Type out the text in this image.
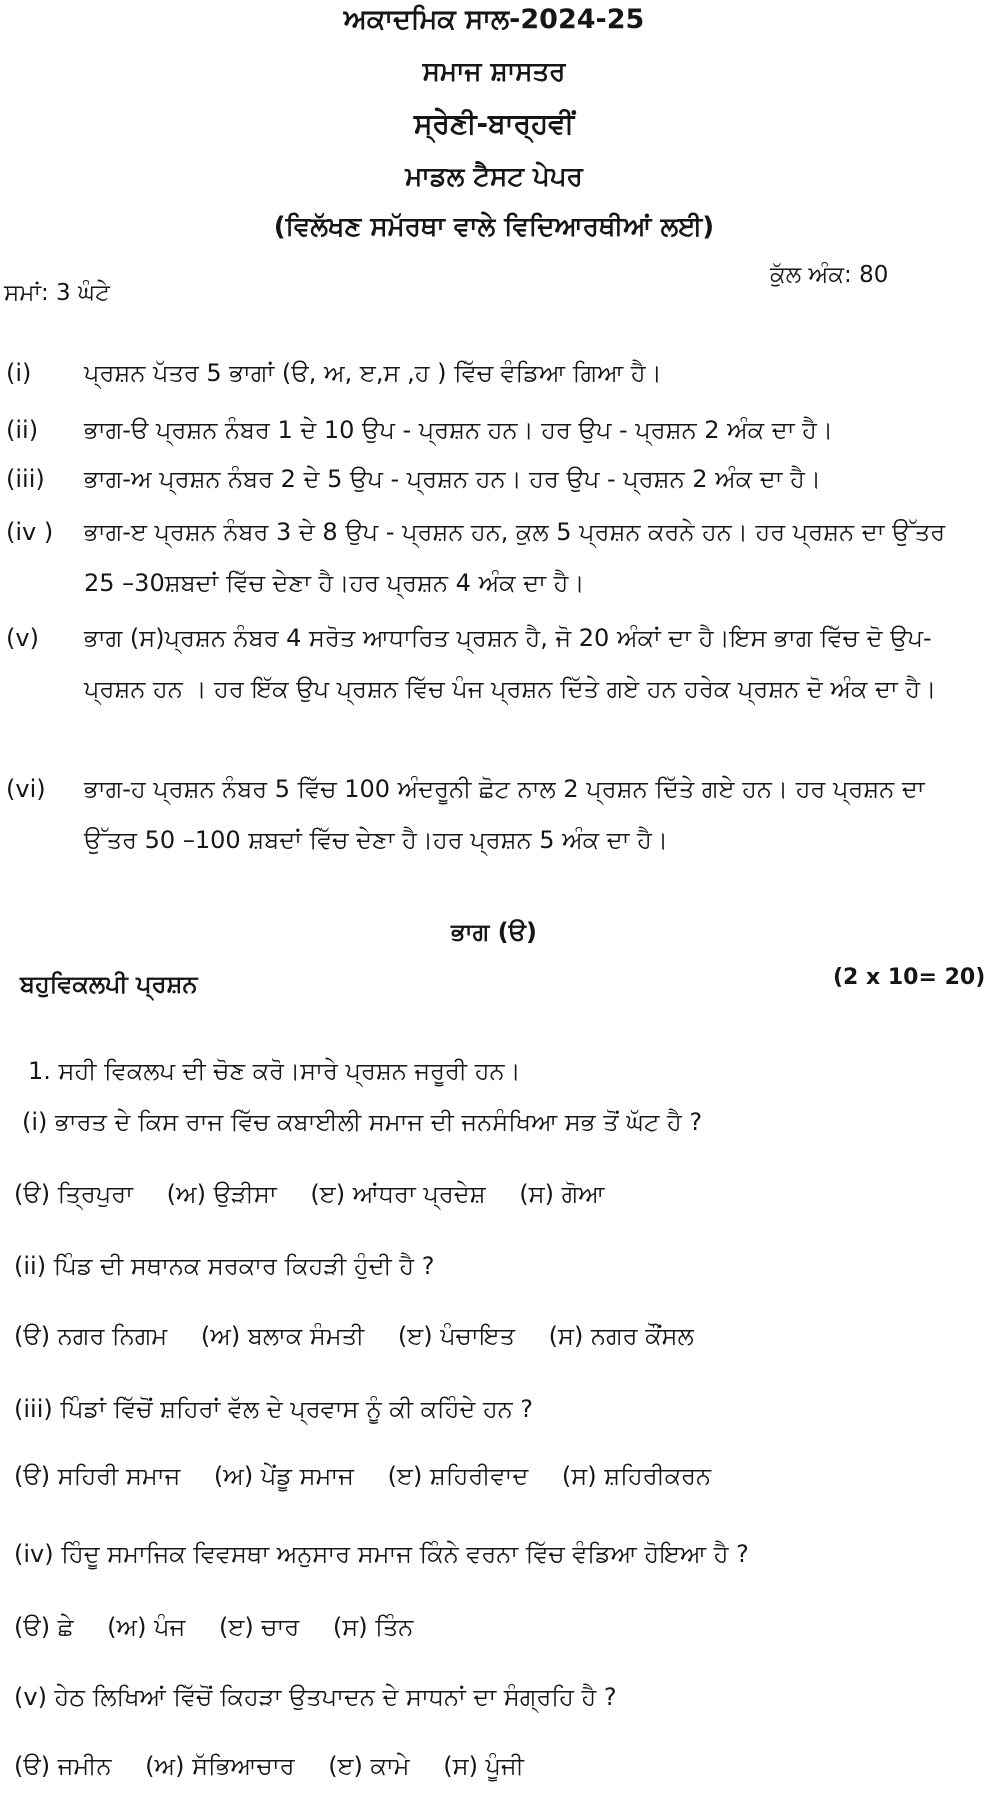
ਅਕਾਦਮਿਕ ਸਾਲ-2024-25
ਸਮਾਜ ਸ਼ਾਸਤਰ
ਸ੍ਰੇਣੀ-ਬਾਰ੍ਹਵੀਂ
ਮਾਡਲ ਟੈਸਟ ਪੇਪਰ
(ਵਿਲੱਖਣ ਸਮੱਰਥਾ ਵਾਲੇ ਵਿਦਿਆਰਥੀਆਂ ਲਈ)
ਸਮਾਂ: 3 ਘੰਟੇ
ਕੁੱਲ ਅੰਕ: 80
(i)	ਪ੍ਰਸ਼ਨ ਪੱਤਰ 5 ਭਾਗਾਂ (ੳ, ਅ, ੲ,ਸ ,ਹ ) ਵਿੱਚ ਵੰਡਿਆ ਗਿਆ ਹੈ।
(ii)	ਭਾਗ-ੳ ਪ੍ਰਸ਼ਨ ਨੰਬਰ 1 ਦੇ 10 ਉਪ - ਪ੍ਰਸ਼ਨ ਹਨ। ਹਰ ਉਪ - ਪ੍ਰਸ਼ਨ 2 ਅੰਕ ਦਾ ਹੈ।
(iii)	ਭਾਗ-ਅ ਪ੍ਰਸ਼ਨ ਨੰਬਰ 2 ਦੇ 5 ਉਪ - ਪ੍ਰਸ਼ਨ ਹਨ। ਹਰ ਉਪ - ਪ੍ਰਸ਼ਨ 2 ਅੰਕ ਦਾ ਹੈ।
(iv )	ਭਾਗ-ੲ ਪ੍ਰਸ਼ਨ ਨੰਬਰ 3 ਦੇ 8 ਉਪ - ਪ੍ਰਸ਼ਨ ਹਨ, ਕੁਲ 5 ਪ੍ਰਸ਼ਨ ਕਰਨੇ ਹਨ। ਹਰ ਪ੍ਰਸ਼ਨ ਦਾ ਉੱਤਰ 25 –30ਸ਼ਬਦਾਂ ਵਿੱਚ ਦੇਣਾ ਹੈ।ਹਰ ਪ੍ਰਸ਼ਨ 4 ਅੰਕ ਦਾ ਹੈ।
(v)	ਭਾਗ (ਸ)ਪ੍ਰਸ਼ਨ ਨੰਬਰ 4 ਸਰੋਤ ਆਧਾਰਿਤ ਪ੍ਰਸ਼ਨ ਹੈ, ਜੋ 20 ਅੰਕਾਂ ਦਾ ਹੈ।ਇਸ ਭਾਗ ਵਿੱਚ ਦੋ ਉਪ- ਪ੍ਰਸ਼ਨ ਹਨ । ਹਰ ਇੱਕ ਉਪ ਪ੍ਰਸ਼ਨ ਵਿੱਚ ਪੰਜ ਪ੍ਰਸ਼ਨ ਦਿੱਤੇ ਗਏ ਹਨ ਹਰੇਕ ਪ੍ਰਸ਼ਨ ਦੋ ਅੰਕ ਦਾ ਹੈ।
(vi)	ਭਾਗ-ਹ ਪ੍ਰਸ਼ਨ ਨੰਬਰ 5 ਵਿੱਚ 100 ਅੰਦਰੂਨੀ ਛੋਟ ਨਾਲ 2 ਪ੍ਰਸ਼ਨ ਦਿੱਤੇ ਗਏ ਹਨ। ਹਰ ਪ੍ਰਸ਼ਨ ਦਾ ਉੱਤਰ 50 –100 ਸ਼ਬਦਾਂ ਵਿੱਚ ਦੇਣਾ ਹੈ।ਹਰ ਪ੍ਰਸ਼ਨ 5 ਅੰਕ ਦਾ ਹੈ।
ਭਾਗ (ੳ)
ਬਹੁਵਿਕਲਪੀ ਪ੍ਰਸ਼ਨ	(2 x 10= 20)
1. ਸਹੀ ਵਿਕਲਪ ਦੀ ਚੋਣ ਕਰੋ।ਸਾਰੇ ਪ੍ਰਸ਼ਨ ਜਰੂਰੀ ਹਨ।
(i) ਭਾਰਤ ਦੇ ਕਿਸ ਰਾਜ ਵਿੱਚ ਕਬਾਈਲੀ ਸਮਾਜ ਦੀ ਜਨਸੰਖਿਆ ਸਭ ਤੋਂ ਘੱਟ ਹੈ ?
(ੳ) ਤ੍ਰਿਪੁਰਾ (ਅ) ਉੜੀਸਾ (ੲ) ਆਂਧਰਾ ਪ੍ਰਦੇਸ਼ (ਸ) ਗੋਆ
(ii) ਪਿੰਡ ਦੀ ਸਥਾਨਕ ਸਰਕਾਰ ਕਿਹੜੀ ਹੁੰਦੀ ਹੈ ?
(ੳ) ਨਗਰ ਨਿਗਮ (ਅ) ਬਲਾਕ ਸੰਮਤੀ (ੲ) ਪੰਚਾਇਤ (ਸ) ਨਗਰ ਕੌਂਸਲ
(iii) ਪਿੰਡਾਂ ਵਿੱਚੋਂ ਸ਼ਹਿਰਾਂ ਵੱਲ ਦੇ ਪ੍ਰਵਾਸ ਨੂੰ ਕੀ ਕਹਿੰਦੇ ਹਨ ?
(ੳ) ਸਹਿਰੀ ਸਮਾਜ (ਅ) ਪੇਂਡੂ ਸਮਾਜ (ੲ) ਸ਼ਹਿਰੀਵਾਦ (ਸ) ਸ਼ਹਿਰੀਕਰਨ
(iv) ਹਿੰਦੂ ਸਮਾਜਿਕ ਵਿਵਸਥਾ ਅਨੁਸਾਰ ਸਮਾਜ ਕਿੰਨੇ ਵਰਨਾ ਵਿੱਚ ਵੰਡਿਆ ਹੋਇਆ ਹੈ ?
(ੳ) ਛੇ (ਅ) ਪੰਜ (ੲ) ਚਾਰ (ਸ) ਤਿੰਨ
(v) ਹੇਠ ਲਿਖਿਆਂ ਵਿੱਚੋਂ ਕਿਹੜਾ ਉਤਪਾਦਨ ਦੇ ਸਾਧਨਾਂ ਦਾ ਸੰਗ੍ਰਹਿ ਹੈ ?
(ੳ) ਜਮੀਨ (ਅ) ਸੱਭਿਆਚਾਰ (ੲ) ਕਾਮੇ (ਸ) ਪੂੰਜੀ
